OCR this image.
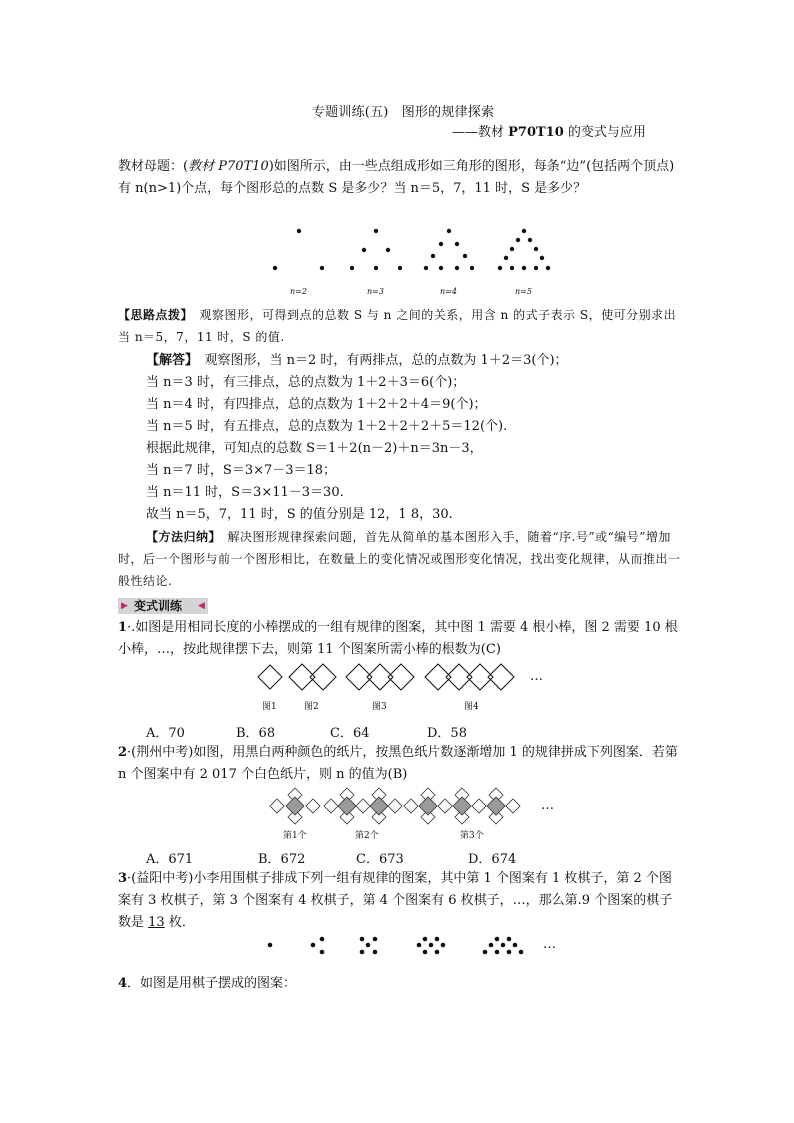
专题训练(五)　图形的规律探索
——教材 P70T10 的变式与应用
教材母题：(教材 P70T10)如图所示，由一些点组成形如三角形的图形，每条“边”(包括两个顶点)有 n(n>1)个点，每个图形总的点数 S 是多少？当 n＝5，7，11 时，S 是多少？
n=2	n=3	n=4	n=5
【思路点拨】　观察图形，可得到点的总数 S 与 n 之间的关系，用含 n 的式子表示 S，使可分别求出当 n＝5，7，11 时，S 的值.
【解答】　观察图形，当 n＝2 时，有两排点，总的点数为 1＋2＝3(个)；
当 n＝3 时，有三排点，总的点数为 1＋2＋3＝6(个)；
当 n＝4 时，有四排点，总的点数为 1＋2＋2＋4＝9(个)；
当 n＝5 时，有五排点，总的点数为 1＋2＋2＋2＋5＝12(个).
根据此规律，可知点的总数 S＝1＋2(n－2)＋n＝3n－3，
当 n＝7 时，S＝3×7－3＝18；
当 n＝11 时，S＝3×11－3＝30.
故当 n＝5，7，11 时，S 的值分别是 12，1 8，30.
【方法归纳】　解决图形规律探索问题，首先从简单的基本图形入手，随着“序.号”或“编号”增加时，后一个图形与前一个图形相比，在数量上的变化情况或图形变化情况，找出变化规律，从而推出一般性结论.
▶ 变式训练 ◀
1·.如图是用相同长度的小棒摆成的一组有规律的图案，其中图 1 需要 4 根小棒，图 2 需要 10 根小棒，…，按此规律摆下去，则第 11 个图案所需小棒的根数为(C)
图1	图2	图3	图4
…
A．70	B．68	C．64	D．58
2·(荆州中考)如图，用黑白两种颜色的纸片，按黑色纸片数逐渐增加 1 的规律拼成下列图案．若第 n 个图案中有 2 017 个白色纸片，则 n 的值为(B)
第1个	第2个	第3个
…
A．671	B．672	C．673	D．674
3·(益阳中考)小李用围棋子排成下列一组有规律的图案，其中第 1 个图案有 1 枚棋子，第 2 个图案有 3 枚棋子，第 3 个图案有 4 枚棋子，第 4 个图案有 6 枚棋子，…，那么第.9 个图案的棋子数是 13 枚．
…
4．如图是用棋子摆成的图案：
